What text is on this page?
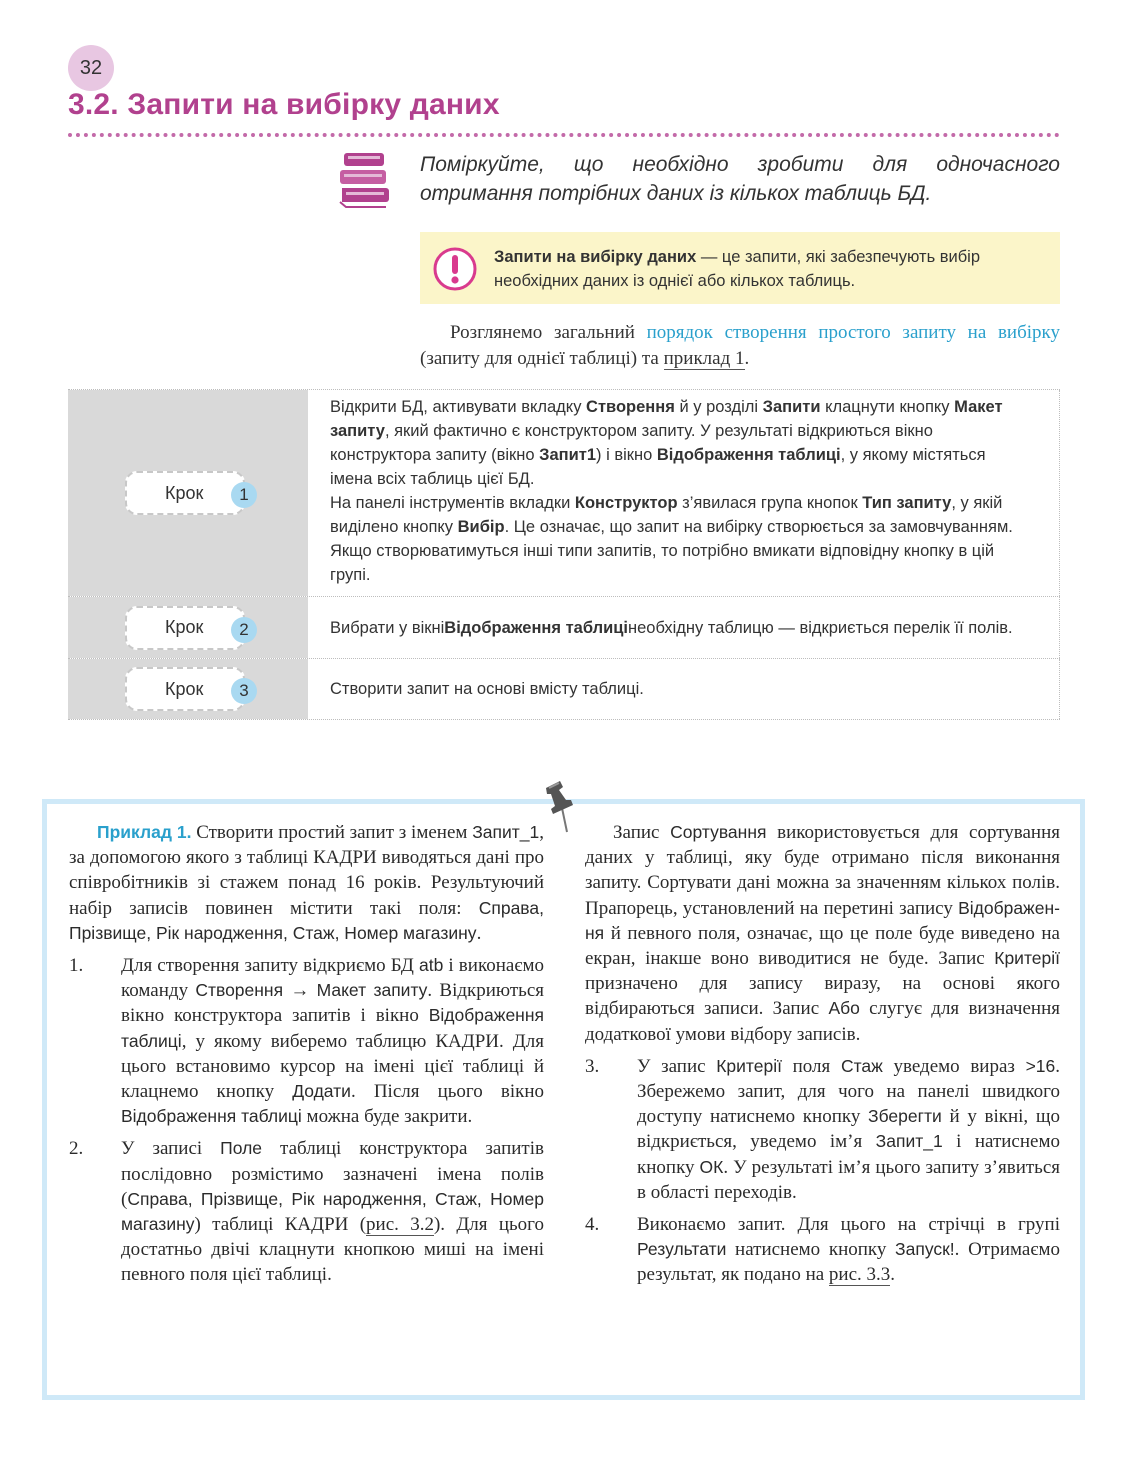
32
3.2. Запити на вибірку даних

Поміркуйте, що необхідно зробити для одночасного отримання потрібних даних із кількох таблиць БД.

Запити на вибірку даних — це запити, які забезпечують вибір необхідних даних із однієї або кількох таблиць.

Розглянемо загальний порядок створення простого запиту на вибірку (запиту для однієї таблиці) та приклад 1.

Крок	1
Відкрити БД, активувати вкладку Створення й у розділі Запити клацнути кнопку Макет запиту, який фактично є конструктором запиту. У результаті відкриються вікно конструктора запиту (вікно Запит1) і вікно Відображення таблиці, у якому містяться імена всіх таблиць цієї БД.
На панелі інструментів вкладки Конструктор з’явилася група кнопок Тип запиту, у якій виділено кнопку Вибір. Це означає, що запит на вибірку створюється за замовчуванням. Якщо створюватимуться інші типи запитів, то потрібно вмикати відповідну кнопку в цій групі.
Крок	2	Вибрати у вікні Відображення таблиці необхідну таблицю — відкриється перелік її полів.
Крок	3	Створити запит на основі вмісту таблиці.

Приклад 1. Створити простий запит з іменем Запит_1, за допомогою якого з таблиці КАДРИ виводяться дані про співробітників зі стажем понад 16 років. Результуючий набір записів повинен містити такі поля: Справа, Прізвище, Рік народження, Стаж, Номер магазину.

1.	Для створення запиту відкриємо БД atb і виконаємо команду Створення → Макет запиту. Відкриються вікно конструктора запитів і вікно Відображення таблиці, у якому виберемо таблицю КАДРИ. Для цього встановимо курсор на імені цієї таблиці й клацнемо кнопку Додати. Після цього вікно Відображення таблиці можна буде закрити.

2.	У записі Поле таблиці конструктора запитів послідовно розмістимо зазначені імена полів (Справа, Прізвище, Рік народження, Стаж, Номер магазину) таблиці КАДРИ (рис. 3.2). Для цього достатньо двічі клацнути кнопкою миші на імені певного поля цієї таблиці.

Запис Сортування використовується для сортування даних у таблиці, яку буде отримано після виконання запиту. Сортувати дані можна за значенням кількох полів. Прапорець, установлений на перетині запису Відображення й певного поля, означає, що це поле буде виведено на екран, інакше воно виводитися не буде. Запис Критерії призначено для запису виразу, на основі якого відбираються записи. Запис Або слугує для визначення додаткової умови відбору записів.

3.	У запис Критерії поля Стаж уведемо вираз >16. Збережемо запит, для чого на панелі швидкого доступу натиснемо кнопку Зберегти й у вікні, що відкриється, уведемо ім’я Запит_1 і натиснемо кнопку ОК. У результаті ім’я цього запиту з’явиться в області переходів.

4.	Виконаємо запит. Для цього на стрічці в групі Результати натиснемо кнопку Запуск!. Отримаємо результат, як подано на рис. 3.3.
